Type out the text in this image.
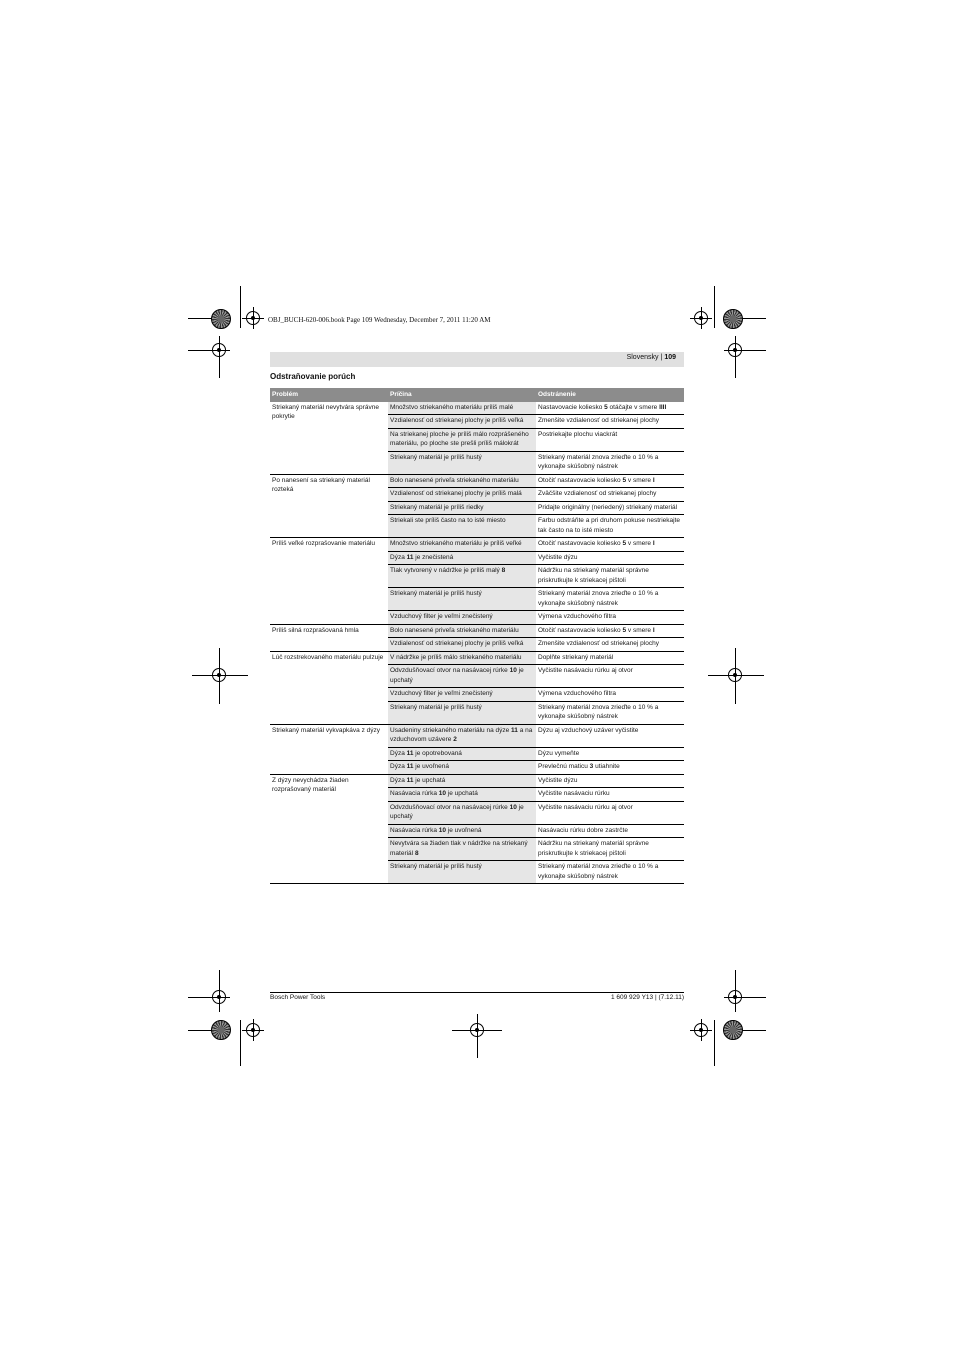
OBJ_BUCH-620-006.book Page 109 Wednesday, December 7, 2011 11:20 AM
Slovensky | 109
Odstraňovanie porúch
Problém	Príčina	Odstránenie
Striekaný materiál nevytvára správne pokrytie	Množstvo striekaného materiálu príliš malé	Nastavovacie koliesko 5 otáčajte v smere IIII
	Vzdialenosť od striekanej plochy je príliš veľká	Zmenšite vzdialenosť od striekanej plochy
	Na striekanej ploche je príliš málo rozprášeného materiálu, po ploche ste prešli príliš málokrát	Postriekajte plochu viackrát
	Striekaný materiál je príliš hustý	Striekaný materiál znova zrieďte o 10 % a vykonajte skúšobný nástrek
Po nanesení sa striekaný materiál rozteká	Bolo nanesené priveľa striekaného materiálu	Otočiť nastavovacie koliesko 5 v smere I
	Vzdialenosť od striekanej plochy je príliš malá	Zväčšite vzdialenosť od striekanej plochy
	Striekaný materiál je príliš riedky	Pridajte originálny (neriedený) striekaný materiál
	Striekali ste príliš často na to isté miesto	Farbu odstráňte a pri druhom pokuse nestriekajte tak často na to isté miesto
Príliš veľké rozprašovanie materiálu	Množstvo striekaného materiálu je príliš veľké	Otočiť nastavovacie koliesko 5 v smere I
	Dýza 11 je znečistená	Vyčistite dýzu
	Tlak vytvorený v nádržke je príliš malý 8	Nádržku na striekaný materiál správne priskrutkujte k striekacej pištoli
	Striekaný materiál je príliš hustý	Striekaný materiál znova zrieďte o 10 % a vykonajte skúšobný nástrek
	Vzduchový filter je veľmi znečistený	Výmena vzduchového filtra
Príliš silná rozprašovaná hmla	Bolo nanesené priveľa striekaného materiálu	Otočiť nastavovacie koliesko 5 v smere I
	Vzdialenosť od striekanej plochy je príliš veľká	Zmenšite vzdialenosť od striekanej plochy
Lúč rozstrekovaného materiálu pulzuje	V nádržke je príliš málo striekaného materiálu	Doplňte striekaný materiál
	Odvzdušňovací otvor na nasávacej rúrke 10 je upchatý	Vyčistite nasávaciu rúrku aj otvor
	Vzduchový filter je veľmi znečistený	Výmena vzduchového filtra
	Striekaný materiál je príliš hustý	Striekaný materiál znova zrieďte o 10 % a vykonajte skúšobný nástrek
Striekaný materiál vykvapkáva z dýzy	Usadeniny striekaného materiálu na dýze 11 a na vzduchovom uzávere 2	Dýzu aj vzduchový uzáver vyčistite
	Dýza 11 je opotrebovaná	Dýzu vymeňte
	Dýza 11 je uvoľnená	Prevlečnú maticu 3 utiahnite
Z dýzy nevychádza žiaden rozprašovaný materiál	Dýza 11 je upchatá	Vyčistite dýzu
	Nasávacia rúrka 10 je upchatá	Vyčistite nasávaciu rúrku
	Odvzdušňovací otvor na nasávacej rúrke 10 je upchatý	Vyčistite nasávaciu rúrku aj otvor
	Nasávacia rúrka 10 je uvoľnená	Nasávaciu rúrku dobre zastrčte
	Nevytvára sa žiaden tlak v nádržke na striekaný materiál 8	Nádržku na striekaný materiál správne priskrutkujte k striekacej pištoli
	Striekaný materiál je príliš hustý	Striekaný materiál znova zrieďte o 10 % a vykonajte skúšobný nástrek
Bosch Power Tools	1 609 929 Y13 | (7.12.11)
